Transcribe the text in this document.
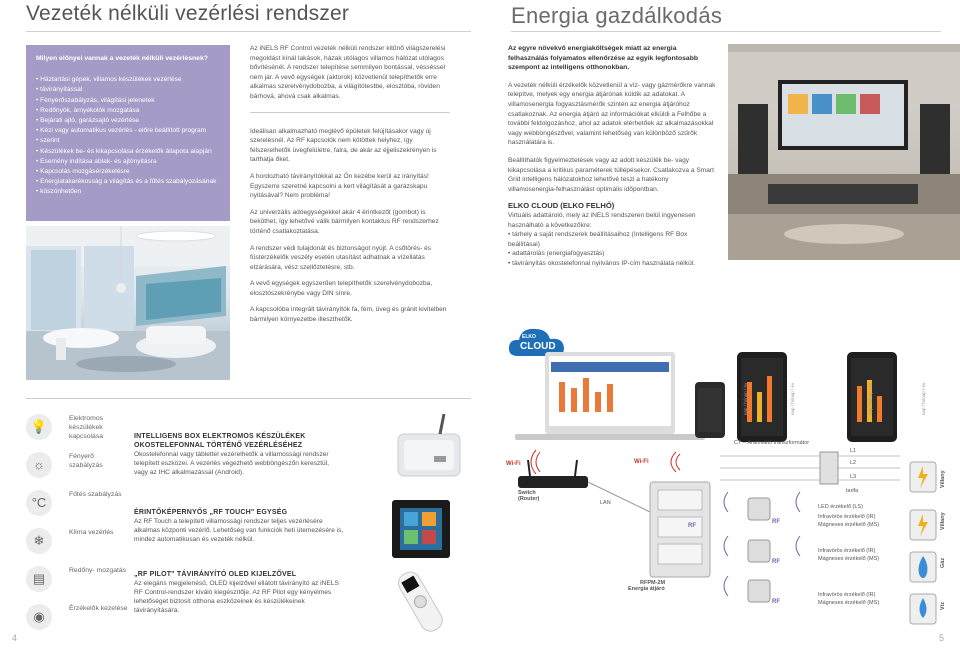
Vezeték nélküli vezérlési rendszer
Milyen előnyei vannak a vezeték nélküli vezérlésnek?
• Háztartási gépek, villamos készülékek vezérlése
• távirányítással
• Fényerőszabályzás, világítási jelenetek
• Redőnyök, árnyékolók mozgatása
• Bejárati ajtó, garázsajtó vezérlése
• Kézi vagy automatikus vezérlés - előre beállított program
• szerint
• Készülékek be- és kikapcsolása érzékelők állapota alapján
• Esemény indítása ablak- és ajtónyitásra
• Kapcsolás mozgásérzékelésre
• Energiatakarékosság a világítás és a fűtés szabályozásának
• köszönhetően

Az iNELS RF Control vezeték nélküli rendszer kitűnő világszerelési megoldást kínál lakások, házak utólagos villamos hálózat utólagos bővítésénél. A rendszer telepítése semmilyen bontással, vésséssel nem jár. A vevő egységek (aktorok) közvetlenül telepíthetők erre alkalmas szerelvénydobozba, a világítótestbe, elosztóba, röviden bárhová, ahová csak alkalmas.

Ideálisan alkalmazható meglévő épületek felújításakor vagy új szerelésnél. Az RF kapcsolók nem kötöttek helyhez, így felszerelhetők üvegfelületre, falra, de akár az éjjeliszekrényen is tarthatja őket.

A hordozható távirányítókkal az Ön kezébe kerül az irányítás! Egyszerre szeretné kapcsolni a kert világítását a garázskapu nyitásával? Nem probléma!

Az univerzális adóegységekkel akár 4 érintkezőt (gombot) is beköthet, így lehetővé válik bármilyen kontaktus RF rendszerhez történő csatlakoztatása.

A rendszer védi tulajdonát és biztonságot nyújt. A csőtörés- és füstérzékelők veszély esetén utasítást adhatnak a vízellátás elzárására, vész szellőztetésre, stb.

A vevő egységek egyszerűen telepíthetők szerelvénydobozba, elosztószekrénybe vagy DIN sínre.

A kapcsolóba integrált távirányítók fa, fém, üveg és gránit kivitelben bármilyen környezetbe illeszthetők.

💡
Elektromos készülékek kapcsolása
☼
Fényerő szabályzás
°C
Fűtés szabályzás
❄
Klíma vezérlés
▤
Redőny- mozgatás
◉
Érzékelők kezelése
INTELLIGENS BOX ELEKTROMOS KÉSZÜLÉKEK
OKOSTELEFONNAL TÖRTÉNŐ VEZÉRLÉSÉHEZ
Okostelefonnal vagy táblettel vezérelhetők a villamossági rendszer telepített eszközei. A vezérlés végezhető webböngészőn keresztül, vagy az IHC alkalmazással (Android).
ÉRINTŐKÉPERNYŐS „RF TOUCH" EGYSÉG
Az RF Touch a telepített villamossági rendszer teljes vezérlésére alkalmas központi vezérlő. Lehetőség van funkciók heti ütemezésére is, mindez automatikusan és vezeték nélkül.
„RF PILOT" TÁVIRÁNYÍTÓ OLED KIJELZŐVEL
Az elegáns megjelenésű, OLED kijelzővel ellátott távirányító az iNELS RF Control-rendszer kiváló kiegészítője. Az RF Pilot egy kényelmes lehetőséget biztosít otthona eszközeinek és készülékeinek távirányítására.
4
Energia gazdálkodás
Az egyre növekvő energiaköltségek miatt az energia felhasználás folyamatos ellenőrzése az egyik legfontosabb szempont az intelligens otthonokban.

A vezeték nélküli érzékelők közvetlenül a víz- vagy gázmérőkre vannak telepítve, melyek egy energia átjárónak küldik az adatokat. A villamosenergia fogyasztásmérők szintén az energia átjáróhoz csatlakoznak. Az energia átjáró az információkat elküldi a Felhőbe a további feldolgozáshoz, ahol az adatok elérhetőek az alkalmazásokkal vagy webböngészővel, valamint lehetőség van különböző szűrők használatára is.

Beállíthatók figyelmeztetések vagy az adott készülék be- vagy kikapcsolása a kritikus paraméterek túllépésekor. Csatlakozva a Smart Grid intelligens hálózatokhoz lehetővé teszi a hatékony villamosenergia-felhasználást optimális időpontban.

ELKO CLOUD (ELKO FELHŐ)
Virtuális adattároló, mely az iNELS rendszeren belül ingyenesen használható a következőkre:
• tárhely a saját rendszerek beállításaihoz (Intelligens RF Box beállításai)
• adattárolás (energiafogyasztás)
• távirányítás okostelefonnal nyilvános IP-cím használata nélkül.
ELKO
CLOUD
nap / hónap / év	nap / hónap / év	nap / hónap / év	nap / hónap / év
Wi-Fi	Wi-Fi
Switch
(Router)
LAN
RFPM-2M
Energia átjáró
CT – Áramváltó transzformátor
L1
L2
L3
tarifa
RF
RF
RF
RF
LED érzékelő (LS)
Infravörös érzékelő (IR)
Mágneses érzékelő (MS)
Infravörös érzékelő (IR)
Mágneses érzékelő (MS)
Infravörös érzékelő (IR)
Mágneses érzékelő (MS)
Villany
Villany
Gáz
Víz
5
